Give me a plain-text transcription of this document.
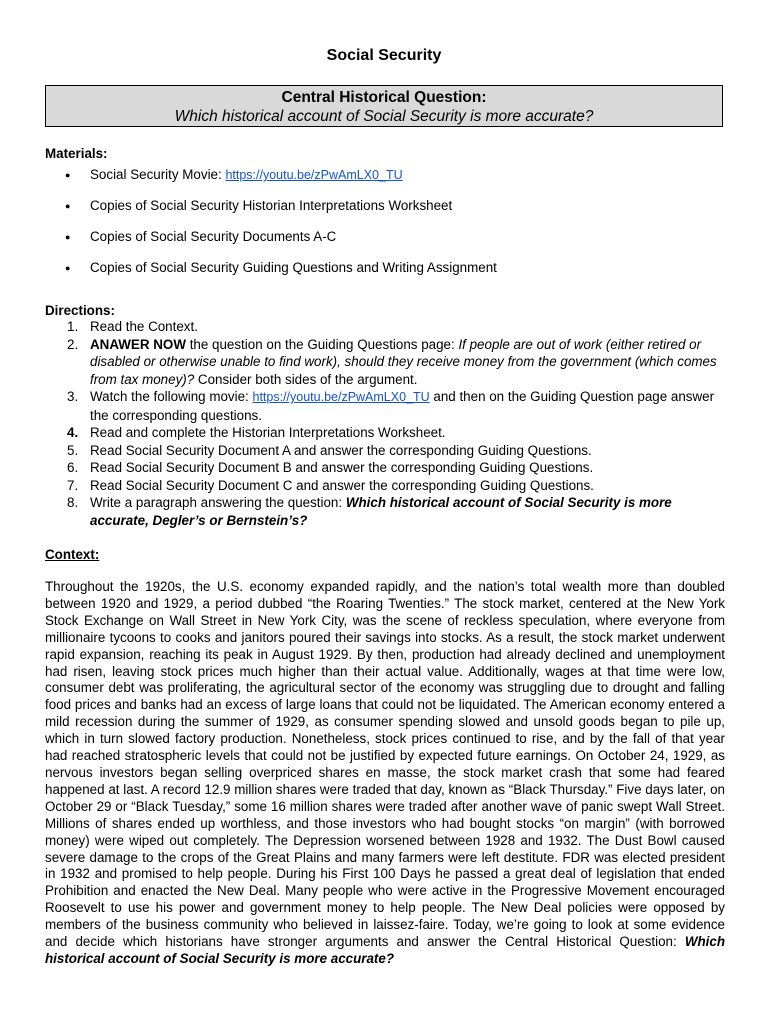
Social Security
Central Historical Question:
Which historical account of Social Security is more accurate?
Materials:
● Social Security Movie: https://youtu.be/zPwAmLX0_TU
● Copies of Social Security Historian Interpretations Worksheet
● Copies of Social Security Documents A-C
● Copies of Social Security Guiding Questions and Writing Assignment
Directions:
1. Read the Context.
2. ANAWER NOW the question on the Guiding Questions page: If people are out of work (either retired or disabled or otherwise unable to find work), should they receive money from the government (which comes from tax money)? Consider both sides of the argument.
3. Watch the following movie: https://youtu.be/zPwAmLX0_TU and then on the Guiding Question page answer the corresponding questions.
4. Read and complete the Historian Interpretations Worksheet.
5. Read Social Security Document A and answer the corresponding Guiding Questions.
6. Read Social Security Document B and answer the corresponding Guiding Questions.
7. Read Social Security Document C and answer the corresponding Guiding Questions.
8. Write a paragraph answering the question: Which historical account of Social Security is more accurate, Degler’s or Bernstein’s?
Context:
Throughout the 1920s, the U.S. economy expanded rapidly, and the nation’s total wealth more than doubled between 1920 and 1929, a period dubbed “the Roaring Twenties.” The stock market, centered at the New York Stock Exchange on Wall Street in New York City, was the scene of reckless speculation, where everyone from millionaire tycoons to cooks and janitors poured their savings into stocks. As a result, the stock market underwent rapid expansion, reaching its peak in August 1929. By then, production had already declined and unemployment had risen, leaving stock prices much higher than their actual value. Additionally, wages at that time were low, consumer debt was proliferating, the agricultural sector of the economy was struggling due to drought and falling food prices and banks had an excess of large loans that could not be liquidated. The American economy entered a mild recession during the summer of 1929, as consumer spending slowed and unsold goods began to pile up, which in turn slowed factory production. Nonetheless, stock prices continued to rise, and by the fall of that year had reached stratospheric levels that could not be justified by expected future earnings. On October 24, 1929, as nervous investors began selling overpriced shares en masse, the stock market crash that some had feared happened at last. A record 12.9 million shares were traded that day, known as “Black Thursday.” Five days later, on October 29 or “Black Tuesday,” some 16 million shares were traded after another wave of panic swept Wall Street. Millions of shares ended up worthless, and those investors who had bought stocks “on margin” (with borrowed money) were wiped out completely. The Depression worsened between 1928 and 1932. The Dust Bowl caused severe damage to the crops of the Great Plains and many farmers were left destitute. FDR was elected president in 1932 and promised to help people. During his First 100 Days he passed a great deal of legislation that ended Prohibition and enacted the New Deal. Many people who were active in the Progressive Movement encouraged Roosevelt to use his power and government money to help people. The New Deal policies were opposed by members of the business community who believed in laissez-faire. Today, we’re going to look at some evidence and decide which historians have stronger arguments and answer the Central Historical Question: Which historical account of Social Security is more accurate?
